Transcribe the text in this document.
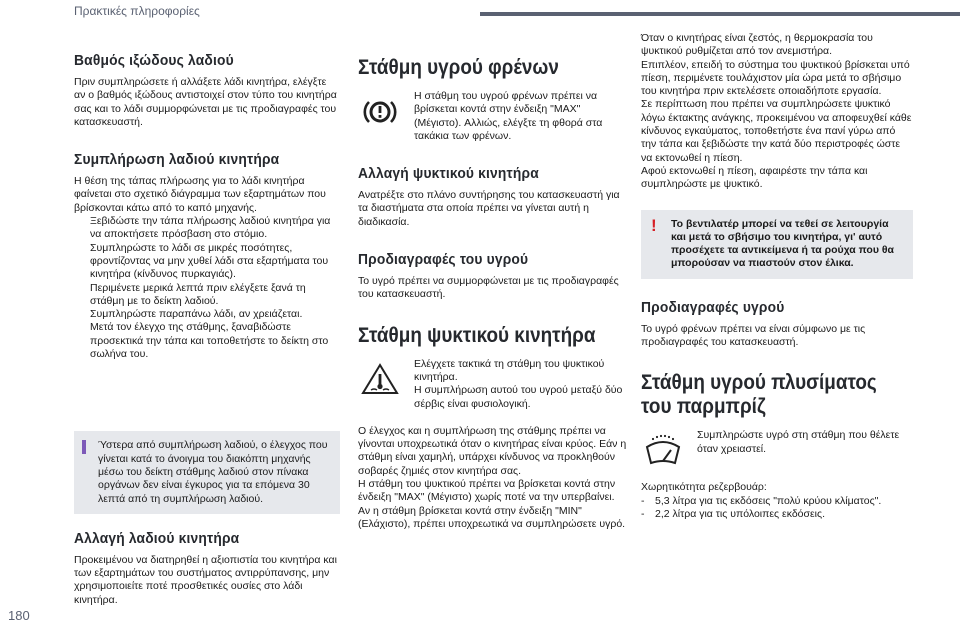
Πρακτικές πληροφορίες
Βαθμός ιξώδους λαδιού

Πριν συμπληρώσετε ή αλλάξετε λάδι κινητήρα, ελέγξτε αν ο βαθμός ιξώδους αντιστοιχεί στον τύπο του κινητήρα σας και το λάδι συμμορφώνεται με τις προδιαγραφές του κατασκευαστή.

Συμπλήρωση λαδιού κινητήρα

Η θέση της τάπας πλήρωσης για το λάδι κινητήρα φαίνεται στο σχετικό διάγραμμα των εξαρτημάτων που βρίσκονται κάτω από το καπό μηχανής.

Ξεβιδώστε την τάπα πλήρωσης λαδιού κινητήρα για να αποκτήσετε πρόσβαση στο στόμιο.
Συμπληρώστε το λάδι σε μικρές ποσότητες, φροντίζοντας να μην χυθεί λάδι στα εξαρτήματα του κινητήρα (κίνδυνος πυρκαγιάς).
Περιμένετε μερικά λεπτά πριν ελέγξετε ξανά τη στάθμη με το δείκτη λαδιού.
Συμπληρώστε παραπάνω λάδι, αν χρειάζεται.
Μετά τον έλεγχο της στάθμης, ξαναβιδώστε προσεκτικά την τάπα και τοποθετήστε το δείκτη στο σωλήνα του.

Ύστερα από συμπλήρωση λαδιού, ο έλεγχος που γίνεται κατά το άνοιγμα του διακόπτη μηχανής μέσω του δείκτη στάθμης λαδιού στον πίνακα οργάνων δεν είναι έγκυρος για τα επόμενα 30 λεπτά από τη συμπλήρωση λαδιού.

Αλλαγή λαδιού κινητήρα

Προκειμένου να διατηρηθεί η αξιοπιστία του κινητήρα και των εξαρτημάτων του συστήματος αντιρρύπανσης, μην χρησιμοποιείτε ποτέ προσθετικές ουσίες στο λάδι κινητήρα.

Στάθμη υγρού φρένων

Η στάθμη του υγρού φρένων πρέπει να βρίσκεται κοντά στην ένδειξη "MAX" (Μέγιστο). Αλλιώς, ελέγξτε τη φθορά στα τακάκια των φρένων.

Αλλαγή ψυκτικού κινητήρα

Ανατρέξτε στο πλάνο συντήρησης του κατασκευαστή για τα διαστήματα στα οποία πρέπει να γίνεται αυτή η διαδικασία.

Προδιαγραφές του υγρού

Το υγρό πρέπει να συμμορφώνεται με τις προδιαγραφές του κατασκευαστή.

Στάθμη ψυκτικού κινητήρα

Ελέγχετε τακτικά τη στάθμη του ψυκτικού κινητήρα.
Η συμπλήρωση αυτού του υγρού μεταξύ δύο σέρβις είναι φυσιολογική.

Ο έλεγχος και η συμπλήρωση της στάθμης πρέπει να γίνονται υποχρεωτικά όταν ο κινητήρας είναι κρύος. Εάν η στάθμη είναι χαμηλή, υπάρχει κίνδυνος να προκληθούν σοβαρές ζημιές στον κινητήρα σας.
Η στάθμη του ψυκτικού πρέπει να βρίσκεται κοντά στην ένδειξη "MAX" (Μέγιστο) χωρίς ποτέ να την υπερβαίνει.
Αν η στάθμη βρίσκεται κοντά στην ένδειξη "MIN" (Ελάχιστο), πρέπει υποχρεωτικά να συμπληρώσετε υγρό.

Όταν ο κινητήρας είναι ζεστός, η θερμοκρασία του ψυκτικού ρυθμίζεται από τον ανεμιστήρα.
Επιπλέον, επειδή το σύστημα του ψυκτικού βρίσκεται υπό πίεση, περιμένετε τουλάχιστον μία ώρα μετά το σβήσιμο του κινητήρα πριν εκτελέσετε οποιαδήποτε εργασία.
Σε περίπτωση που πρέπει να συμπληρώσετε ψυκτικό λόγω έκτακτης ανάγκης, προκειμένου να αποφευχθεί κάθε κίνδυνος εγκαύματος, τοποθετήστε ένα πανί γύρω από την τάπα και ξεβιδώστε την κατά δύο περιστροφές ώστε να εκτονωθεί η πίεση.
Αφού εκτονωθεί η πίεση, αφαιρέστε την τάπα και συμπληρώστε με ψυκτικό.

! Το βεντιλατέρ μπορεί να τεθεί σε λειτουργία και μετά το σβήσιμο του κινητήρα, γι' αυτό προσέχετε τα αντικείμενα ή τα ρούχα που θα μπορούσαν να πιαστούν στον έλικα.

Προδιαγραφές υγρού

Το υγρό φρένων πρέπει να είναι σύμφωνο με τις προδιαγραφές του κατασκευαστή.

Στάθμη υγρού πλυσίματος του παρμπρίζ

Συμπληρώστε υγρό στη στάθμη που θέλετε όταν χρειαστεί.

Χωρητικότητα ρεζερβουάρ:

- 5,3 λίτρα για τις εκδόσεις "πολύ κρύου κλίματος".
- 2,2 λίτρα για τις υπόλοιπες εκδόσεις.
180
